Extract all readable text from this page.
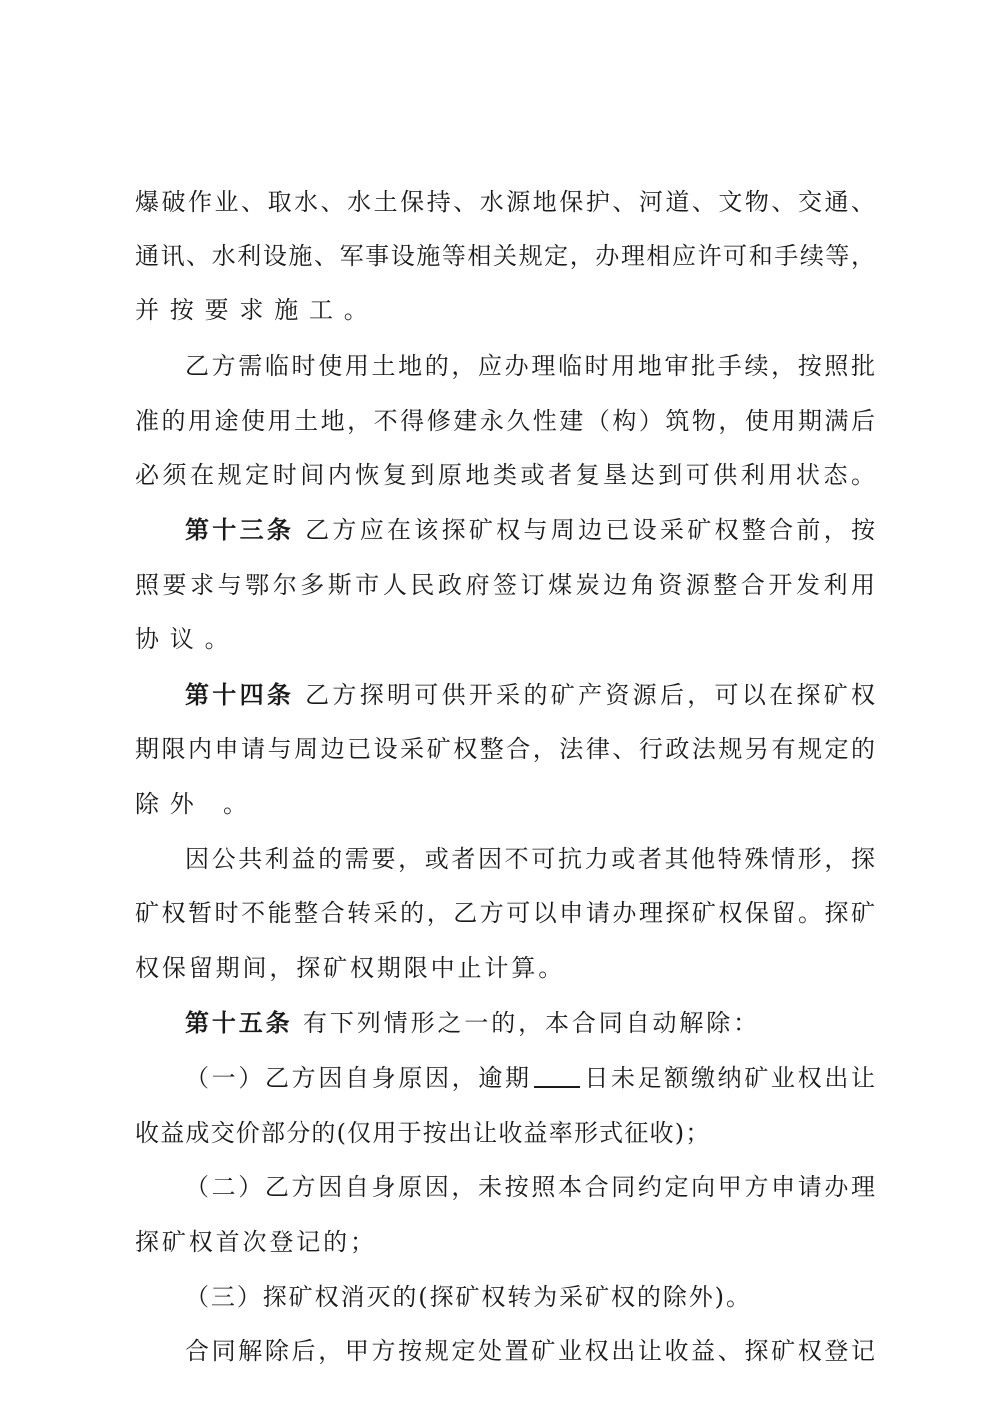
爆破作业、取水、水土保持、水源地保护、河道、文物、交通、
通讯、水利设施、军事设施等相关规定，办理相应许可和手续等，
并按要求施工。
乙方需临时使用土地的，应办理临时用地审批手续，按照批
准的用途使用土地，不得修建永久性建（构）筑物，使用期满后
必须在规定时间内恢复到原地类或者复垦达到可供利用状态。
第十三条 乙方应在该探矿权与周边已设采矿权整合前，按
照要求与鄂尔多斯市人民政府签订煤炭边角资源整合开发利用
协议。
第十四条 乙方探明可供开采的矿产资源后，可以在探矿权
期限内申请与周边已设采矿权整合，法律、行政法规另有规定的
除外 。
因公共利益的需要，或者因不可抗力或者其他特殊情形，探
矿权暂时不能整合转采的，乙方可以申请办理探矿权保留。探矿
权保留期间，探矿权期限中止计算。
第十五条 有下列情形之一的，本合同自动解除：
（一）乙方因自身原因，逾期 日未足额缴纳矿业权出让
收益成交价部分的(仅用于按出让收益率形式征收)；
（二）乙方因自身原因，未按照本合同约定向甲方申请办理
探矿权首次登记的；
（三）探矿权消灭的(探矿权转为采矿权的除外)。
合同解除后，甲方按规定处置矿业权出让收益、探矿权登记
